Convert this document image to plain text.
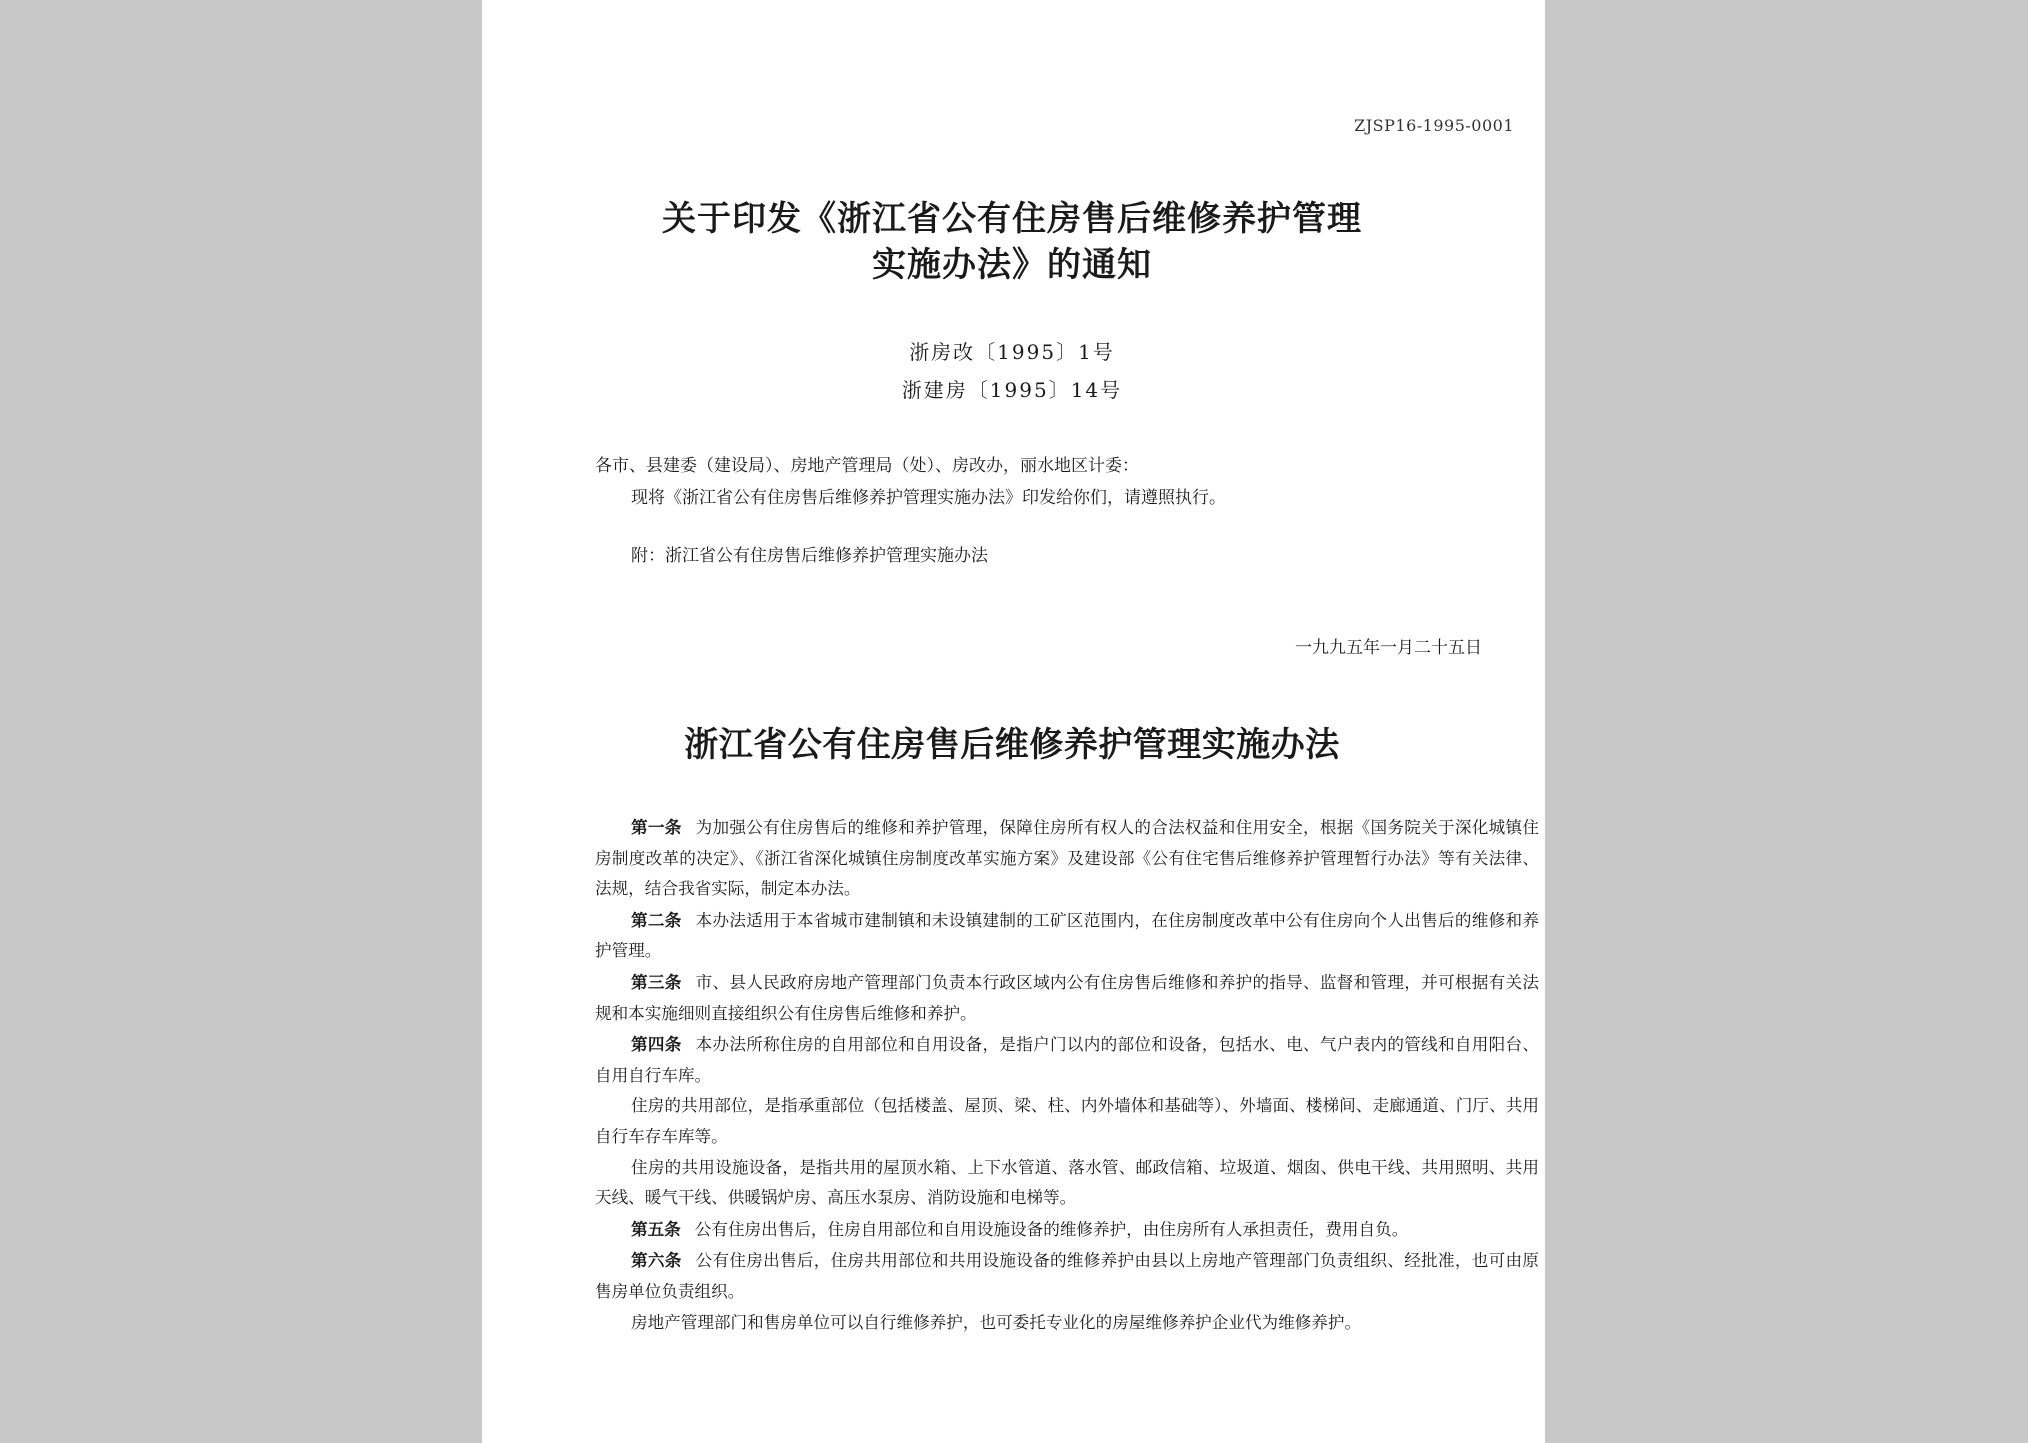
ZJSP16-1995-0001
关于印发《浙江省公有住房售后维修养护管理
实施办法》的通知
浙房改〔1995〕1号
浙建房〔1995〕14号

各市、县建委（建设局）、房地产管理局（处）、房改办，丽水地区计委：

现将《浙江省公有住房售后维修养护管理实施办法》印发给你们，请遵照执行。

附：浙江省公有住房售后维修养护管理实施办法
一九九五年一月二十五日
浙江省公有住房售后维修养护管理实施办法

第一条 为加强公有住房售后的维修和养护管理，保障住房所有权人的合法权益和住用安全，根据《国务院关于深化城镇住房制度改革的决定》、《浙江省深化城镇住房制度改革实施方案》及建设部《公有住宅售后维修养护管理暂行办法》等有关法律、法规，结合我省实际，制定本办法。

第二条 本办法适用于本省城市建制镇和未设镇建制的工矿区范围内，在住房制度改革中公有住房向个人出售后的维修和养护管理。

第三条 市、县人民政府房地产管理部门负责本行政区域内公有住房售后维修和养护的指导、监督和管理，并可根据有关法规和本实施细则直接组织公有住房售后维修和养护。

第四条 本办法所称住房的自用部位和自用设备，是指户门以内的部位和设备，包括水、电、气户表内的管线和自用阳台、自用自行车库。

住房的共用部位，是指承重部位（包括楼盖、屋顶、梁、柱、内外墙体和基础等）、外墙面、楼梯间、走廊通道、门厅、共用自行车存车库等。

住房的共用设施设备，是指共用的屋顶水箱、上下水管道、落水管、邮政信箱、垃圾道、烟囱、供电干线、共用照明、共用天线、暖气干线、供暖锅炉房、高压水泵房、消防设施和电梯等。

第五条 公有住房出售后，住房自用部位和自用设施设备的维修养护，由住房所有人承担责任，费用自负。

第六条 公有住房出售后，住房共用部位和共用设施设备的维修养护由县以上房地产管理部门负责组织、经批准，也可由原售房单位负责组织。

房地产管理部门和售房单位可以自行维修养护，也可委托专业化的房屋维修养护企业代为维修养护。
